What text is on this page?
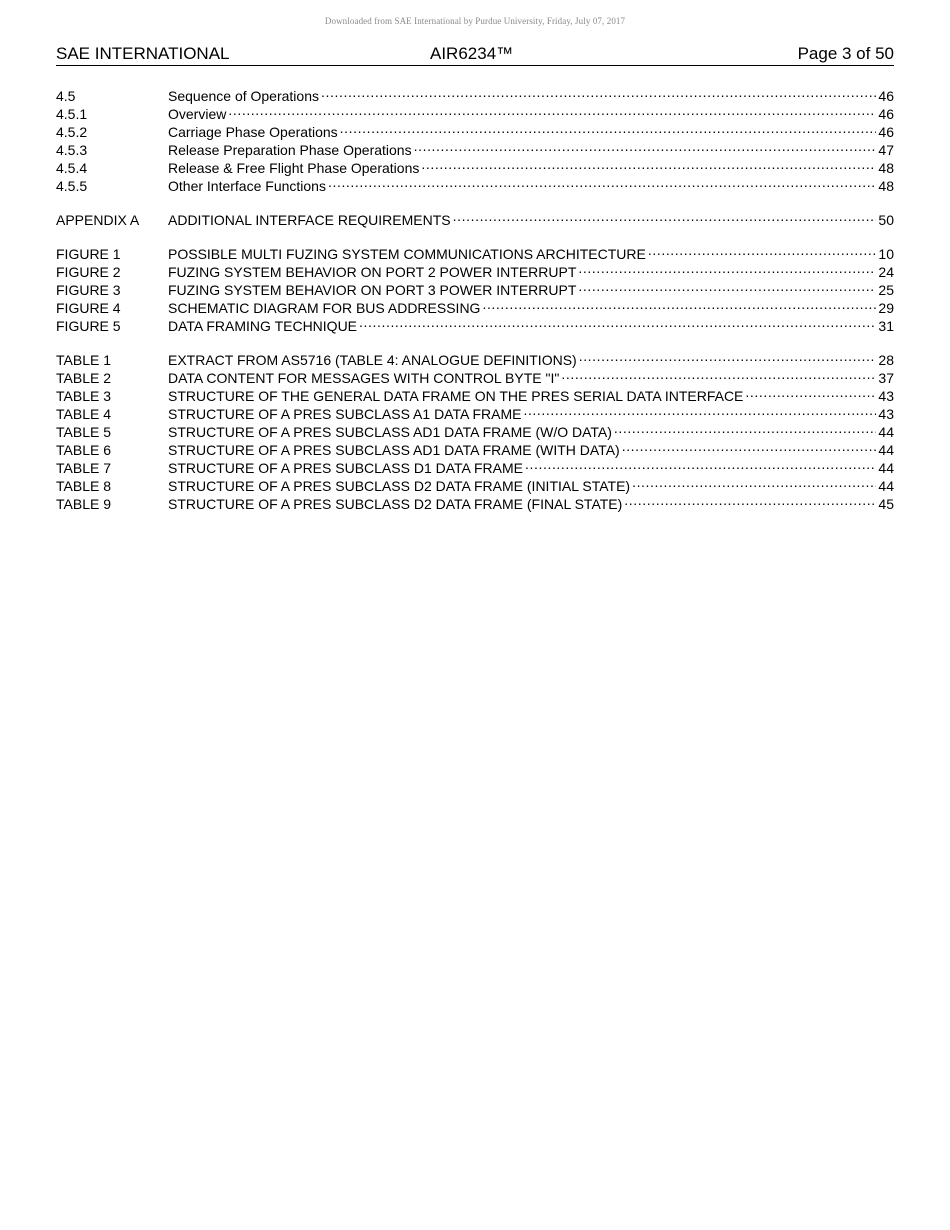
Downloaded from SAE International by Purdue University, Friday, July 07, 2017
SAE INTERNATIONAL	AIR6234™	Page 3 of 50
4.5	Sequence of Operations .....	46
4.5.1	Overview .....	46
4.5.2	Carriage Phase Operations .....	46
4.5.3	Release Preparation Phase Operations .....	47
4.5.4	Release & Free Flight Phase Operations .....	48
4.5.5	Other Interface Functions .....	48
APPENDIX A	ADDITIONAL INTERFACE REQUIREMENTS .....	50
FIGURE 1	POSSIBLE MULTI FUZING SYSTEM COMMUNICATIONS ARCHITECTURE .....	10
FIGURE 2	FUZING SYSTEM BEHAVIOR ON PORT 2 POWER INTERRUPT .....	24
FIGURE 3	FUZING SYSTEM BEHAVIOR ON PORT 3 POWER INTERRUPT .....	25
FIGURE 4	SCHEMATIC DIAGRAM FOR BUS ADDRESSING .....	29
FIGURE 5	DATA FRAMING TECHNIQUE .....	31
TABLE 1	EXTRACT FROM AS5716 (TABLE 4: ANALOGUE DEFINITIONS) .....	28
TABLE 2	DATA CONTENT FOR MESSAGES WITH CONTROL BYTE "I" .....	37
TABLE 3	STRUCTURE OF THE GENERAL DATA FRAME ON THE PRES SERIAL DATA INTERFACE .....	43
TABLE 4	STRUCTURE OF A PRES SUBCLASS A1 DATA FRAME .....	43
TABLE 5	STRUCTURE OF A PRES SUBCLASS AD1 DATA FRAME (W/O DATA) .....	44
TABLE 6	STRUCTURE OF A PRES SUBCLASS AD1 DATA FRAME (WITH DATA) .....	44
TABLE 7	STRUCTURE OF A PRES SUBCLASS D1 DATA FRAME .....	44
TABLE 8	STRUCTURE OF A PRES SUBCLASS D2 DATA FRAME (INITIAL STATE) .....	44
TABLE 9	STRUCTURE OF A PRES SUBCLASS D2 DATA FRAME (FINAL STATE) .....	45
